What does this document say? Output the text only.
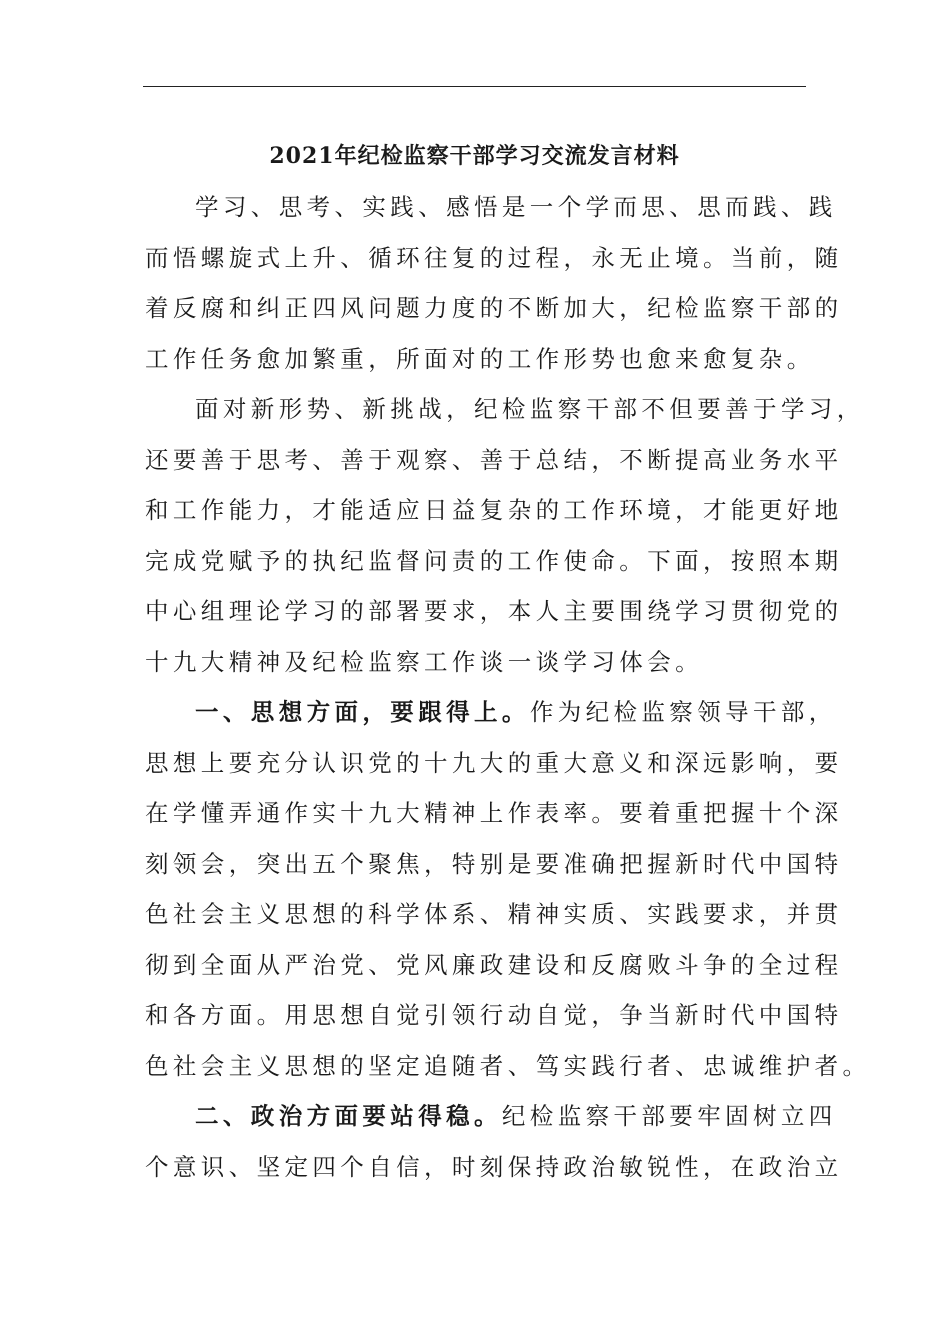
2021年纪检监察干部学习交流发言材料
学习、思考、实践、感悟是一个学而思、思而践、践
而悟螺旋式上升、循环往复的过程，永无止境。当前，随
着反腐和纠正四风问题力度的不断加大，纪检监察干部的
工作任务愈加繁重，所面对的工作形势也愈来愈复杂。
面对新形势、新挑战，纪检监察干部不但要善于学习，
还要善于思考、善于观察、善于总结，不断提高业务水平
和工作能力，才能适应日益复杂的工作环境，才能更好地
完成党赋予的执纪监督问责的工作使命。下面，按照本期
中心组理论学习的部署要求，本人主要围绕学习贯彻党的
十九大精神及纪检监察工作谈一谈学习体会。
一、思想方面，要跟得上。作为纪检监察领导干部，
思想上要充分认识党的十九大的重大意义和深远影响，要
在学懂弄通作实十九大精神上作表率。要着重把握十个深
刻领会，突出五个聚焦，特别是要准确把握新时代中国特
色社会主义思想的科学体系、精神实质、实践要求，并贯
彻到全面从严治党、党风廉政建设和反腐败斗争的全过程
和各方面。用思想自觉引领行动自觉，争当新时代中国特
色社会主义思想的坚定追随者、笃实践行者、忠诚维护者。
二、政治方面要站得稳。纪检监察干部要牢固树立四
个意识、坚定四个自信，时刻保持政治敏锐性，在政治立
